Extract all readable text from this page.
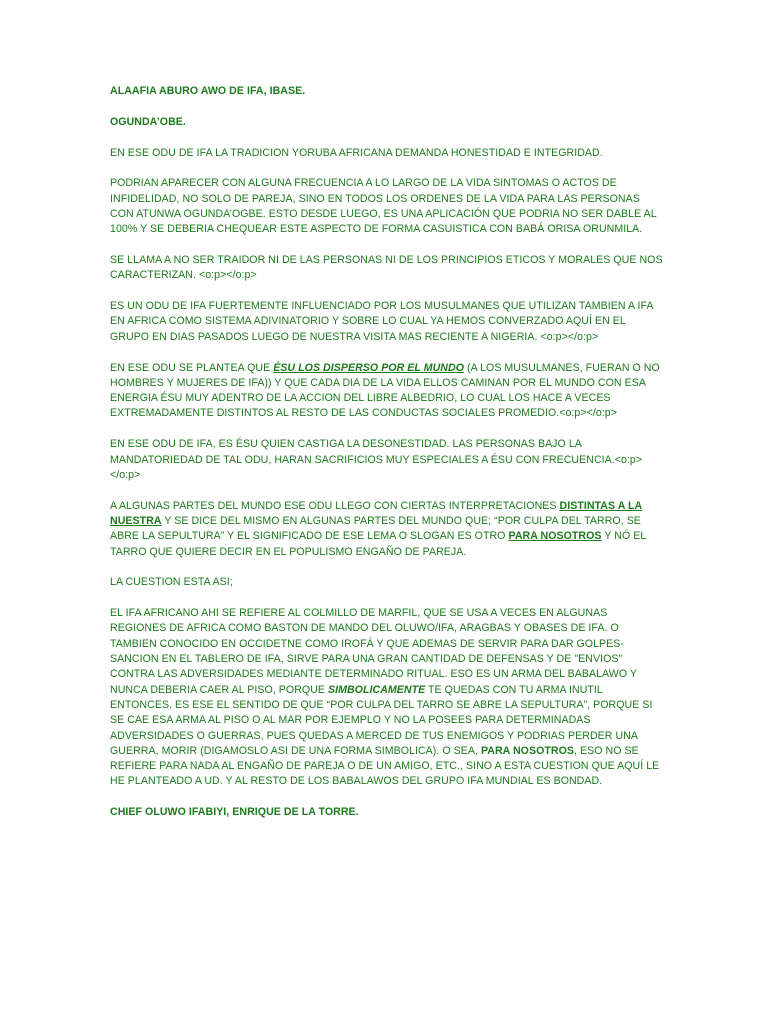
ALAAFIA ABURO AWO DE IFA, IBASE.

OGUNDA’OBE.

EN ESE ODU DE IFA LA TRADICION YORUBA AFRICANA DEMANDA HONESTIDAD E INTEGRIDAD.

PODRIAN APARECER CON ALGUNA FRECUENCIA A LO LARGO DE LA VIDA SINTOMAS O ACTOS DE INFIDELIDAD, NO SOLO DE PAREJA, SINO EN TODOS LOS ORDENES DE LA VIDA PARA LAS PERSONAS CON ATUNWA OGUNDA’OGBE. ESTO DESDE LUEGO, ES UNA APLICACIÓN QUE PODRIA NO SER DABLE AL 100% Y SE DEBERIA CHEQUEAR ESTE ASPECTO DE FORMA CASUISTICA CON BABÁ ORISA ORUNMILA.

SE LLAMA A NO SER TRAIDOR NI DE LAS PERSONAS NI DE LOS PRINCIPIOS ETICOS Y MORALES QUE NOS CARACTERIZAN. <o:p></o:p>

ES UN ODU DE IFA FUERTEMENTE INFLUENCIADO POR LOS MUSULMANES QUE UTILIZAN TAMBIEN A IFA EN AFRICA COMO SISTEMA ADIVINATORIO Y SOBRE LO CUAL YA HEMOS CONVERZADO AQUÍ EN EL GRUPO EN DIAS PASADOS LUEGO DE NUESTRA VISITA MAS RECIENTE A NIGERIA. <o:p></o:p>

EN ESE ODU SE PLANTEA QUE ÉSU LOS DISPERSO POR EL MUNDO (A LOS MUSULMANES, FUERAN O NO HOMBRES Y MUJERES DE IFA)) Y QUE CADA DIA DE LA VIDA ELLOS CAMINAN POR EL MUNDO CON ESA ENERGIA ÉSU MUY ADENTRO DE LA ACCION DEL LIBRE ALBEDRIO, LO CUAL LOS HACE A VECES EXTREMADAMENTE DISTINTOS AL RESTO DE LAS CONDUCTAS SOCIALES PROMEDIO.<o:p></o:p>

EN ESE ODU DE IFA, ES ÉSU QUIEN CASTIGA LA DESONESTIDAD. LAS PERSONAS BAJO LA MANDATORIEDAD DE TAL ODU, HARAN SACRIFICIOS MUY ESPECIALES A ÉSU CON FRECUENCIA.<o:p></o:p>

A ALGUNAS PARTES DEL MUNDO ESE ODU LLEGO CON CIERTAS INTERPRETACIONES DISTINTAS A LA NUESTRA Y SE DICE DEL MISMO EN ALGUNAS PARTES DEL MUNDO QUE; “POR CULPA DEL TARRO, SE ABRE LA SEPULTURA” Y EL SIGNIFICADO DE ESE LEMA O SLOGAN ES OTRO PARA NOSOTROS Y NÓ EL TARRO QUE QUIERE DECIR EN EL POPULISMO ENGAÑO DE PAREJA.

LA CUESTION ESTA ASI;

EL IFA AFRICANO AHI SE REFIERE AL COLMILLO DE MARFIL, QUE SE USA A VECES EN ALGUNAS REGIONES DE AFRICA COMO BASTON DE MANDO DEL OLUWO/IFA, ARAGBAS Y OBASES DE IFA. O TAMBIEN CONOCIDO EN OCCIDETNE COMO IROFÁ Y QUE ADEMAS DE SERVIR PARA DAR GOLPES-SANCION EN EL TABLERO DE IFA, SIRVE PARA UNA GRAN CANTIDAD DE DEFENSAS Y DE "ENVIOS" CONTRA LAS ADVERSIDADES MEDIANTE DETERMINADO RITUAL. ESO ES UN ARMA DEL BABALAWO Y NUNCA DEBERIA CAER AL PISO, PORQUE SIMBOLICAMENTE TE QUEDAS CON TU ARMA INUTIL ENTONCES. ES ESE EL SENTIDO DE QUE “POR CULPA DEL TARRO SE ABRE LA SEPULTURA”, PORQUE SI SE CAE ESA ARMA AL PISO O AL MAR POR EJEMPLO Y NO LA POSEES PARA DETERMINADAS ADVERSIDADES O GUERRAS, PUES QUEDAS A MERCED DE TUS ENEMIGOS Y PODRIAS PERDER UNA GUERRA, MORIR (DIGAMOSLO ASI DE UNA FORMA SIMBOLICA). O SEA, PARA NOSOTROS, ESO NO SE REFIERE PARA NADA AL ENGAÑO DE PAREJA O DE UN AMIGO, ETC., SINO A ESTA CUESTION QUE AQUÍ LE HE PLANTEADO A UD. Y AL RESTO DE LOS BABALAWOS DEL GRUPO IFA MUNDIAL ES BONDAD.

CHIEF OLUWO IFABIYI, ENRIQUE DE LA TORRE.
